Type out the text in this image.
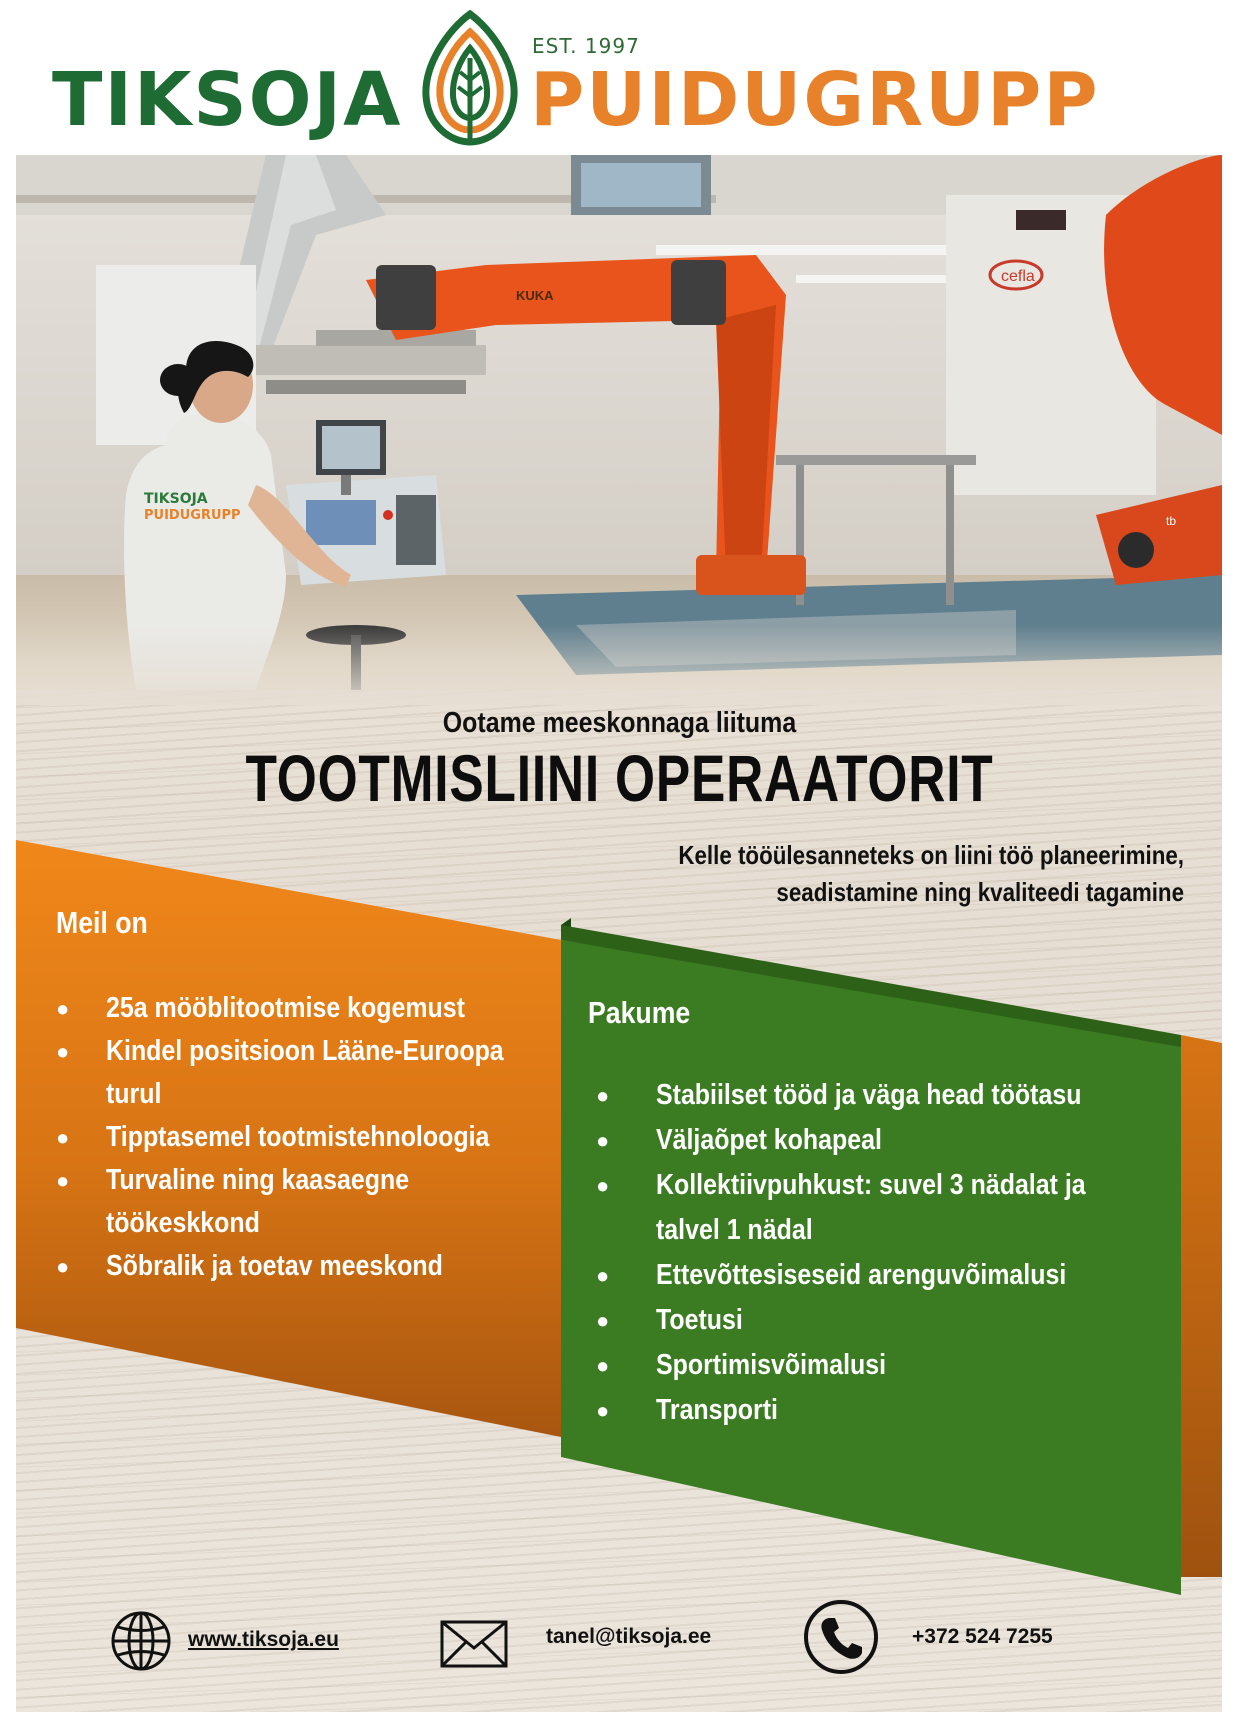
TIKSOJA
EST. 1997
PUIDUGRUPP
cefla
KUKA
tb
TIKSOJA
PUIDUGRUPP
Ootame meeskonnaga liituma
TOOTMISLIINI OPERAATORIT
Kelle tööülesanneteks on liini töö planeerimine,
seadistamine ning kvaliteedi tagamine
Meil on
● 25a mööblitootmise kogemust
● Kindel positsioon Lääne-Euroopa turul
● Tipptasemel tootmistehnoloogia
● Turvaline ning kaasaegne töökeskkond
● Sõbralik ja toetav meeskond
Pakume
● Stabiilset tööd ja väga head töötasu
● Väljaõpet kohapeal
● Kollektiivpuhkust: suvel 3 nädalat ja talvel 1 nädal
● Ettevõttesiseseid arenguvõimalusi
● Toetusi
● Sportimisvõimalusi
● Transporti
www.tiksoja.eu	tanel@tiksoja.ee	+372 524 7255
